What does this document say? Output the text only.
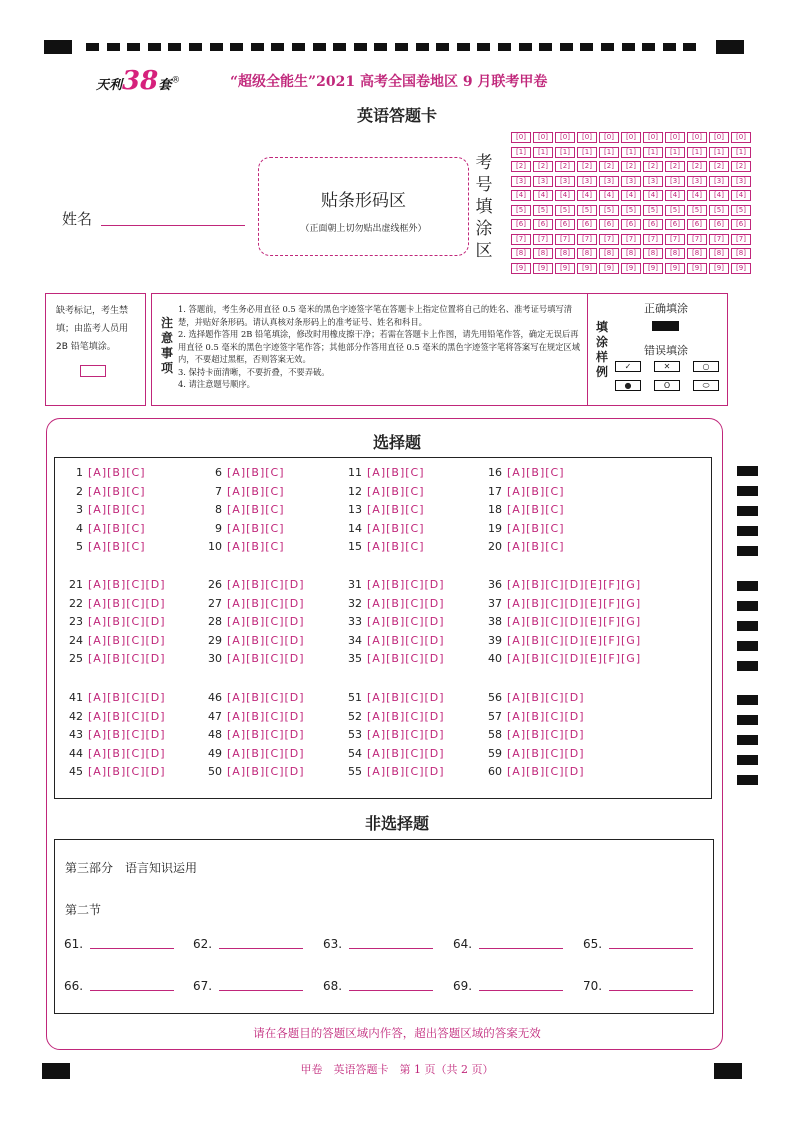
天利38套®	“超级全能生”2021 高考全国卷地区 9 月联考甲卷
英语答题卡
姓名
贴条形码区
（正面朝上切勿贴出虚线框外）
考
号
填
涂
区
[0]	[0]	[0]	[0]	[0]	[0]	[0]	[0]	[0]	[0]	[0]
[1]	[1]	[1]	[1]	[1]	[1]	[1]	[1]	[1]	[1]	[1]
[2]	[2]	[2]	[2]	[2]	[2]	[2]	[2]	[2]	[2]	[2]
[3]	[3]	[3]	[3]	[3]	[3]	[3]	[3]	[3]	[3]	[3]
[4]	[4]	[4]	[4]	[4]	[4]	[4]	[4]	[4]	[4]	[4]
[5]	[5]	[5]	[5]	[5]	[5]	[5]	[5]	[5]	[5]	[5]
[6]	[6]	[6]	[6]	[6]	[6]	[6]	[6]	[6]	[6]	[6]
[7]	[7]	[7]	[7]	[7]	[7]	[7]	[7]	[7]	[7]	[7]
[8]	[8]	[8]	[8]	[8]	[8]	[8]	[8]	[8]	[8]	[8]
[9]	[9]	[9]	[9]	[9]	[9]	[9]	[9]	[9]	[9]	[9]
缺考标记，考生禁填；由监考人员用 2B 铅笔填涂。
注
意
事
项
1. 答题前，考生务必用直径 0.5 毫米的黑色字迹签字笔在答题卡上指定位置将自己的姓名、准考证号填写清楚，并贴好条形码。请认真核对条形码上的准考证号、姓名和科目。
2. 选择题作答用 2B 铅笔填涂，修改时用橡皮擦干净；若需在答题卡上作图，请先用铅笔作答，确定无误后再用直径 0.5 毫米的黑色字迹签字笔作答；其他部分作答用直径 0.5 毫米的黑色字迹签字笔将答案写在规定区域内，不要超过黑框，否则答案无效。
3. 保持卡面清晰，不要折叠，不要弄破。
4. 请注意题号顺序。
填
涂
样
例
正确填涂
错误填涂
✓	✕	○
●	O	⬭
选择题
1 [A][B][C]
2 [A][B][C]
3 [A][B][C]
4 [A][B][C]
5 [A][B][C]
6 [A][B][C]
7 [A][B][C]
8 [A][B][C]
9 [A][B][C]
10 [A][B][C]
11 [A][B][C]
12 [A][B][C]
13 [A][B][C]
14 [A][B][C]
15 [A][B][C]
16 [A][B][C]
17 [A][B][C]
18 [A][B][C]
19 [A][B][C]
20 [A][B][C]
21 [A][B][C][D]
22 [A][B][C][D]
23 [A][B][C][D]
24 [A][B][C][D]
25 [A][B][C][D]
26 [A][B][C][D]
27 [A][B][C][D]
28 [A][B][C][D]
29 [A][B][C][D]
30 [A][B][C][D]
31 [A][B][C][D]
32 [A][B][C][D]
33 [A][B][C][D]
34 [A][B][C][D]
35 [A][B][C][D]
36 [A][B][C][D][E][F][G]
37 [A][B][C][D][E][F][G]
38 [A][B][C][D][E][F][G]
39 [A][B][C][D][E][F][G]
40 [A][B][C][D][E][F][G]
41 [A][B][C][D]
42 [A][B][C][D]
43 [A][B][C][D]
44 [A][B][C][D]
45 [A][B][C][D]
46 [A][B][C][D]
47 [A][B][C][D]
48 [A][B][C][D]
49 [A][B][C][D]
50 [A][B][C][D]
51 [A][B][C][D]
52 [A][B][C][D]
53 [A][B][C][D]
54 [A][B][C][D]
55 [A][B][C][D]
56 [A][B][C][D]
57 [A][B][C][D]
58 [A][B][C][D]
59 [A][B][C][D]
60 [A][B][C][D]
非选择题
第三部分　语言知识运用
第二节
61.	62.	63.	64.	65.
66.	67.	68.	69.	70.
请在各题目的答题区域内作答，超出答题区域的答案无效
甲卷　英语答题卡　第 1 页（共 2 页）
